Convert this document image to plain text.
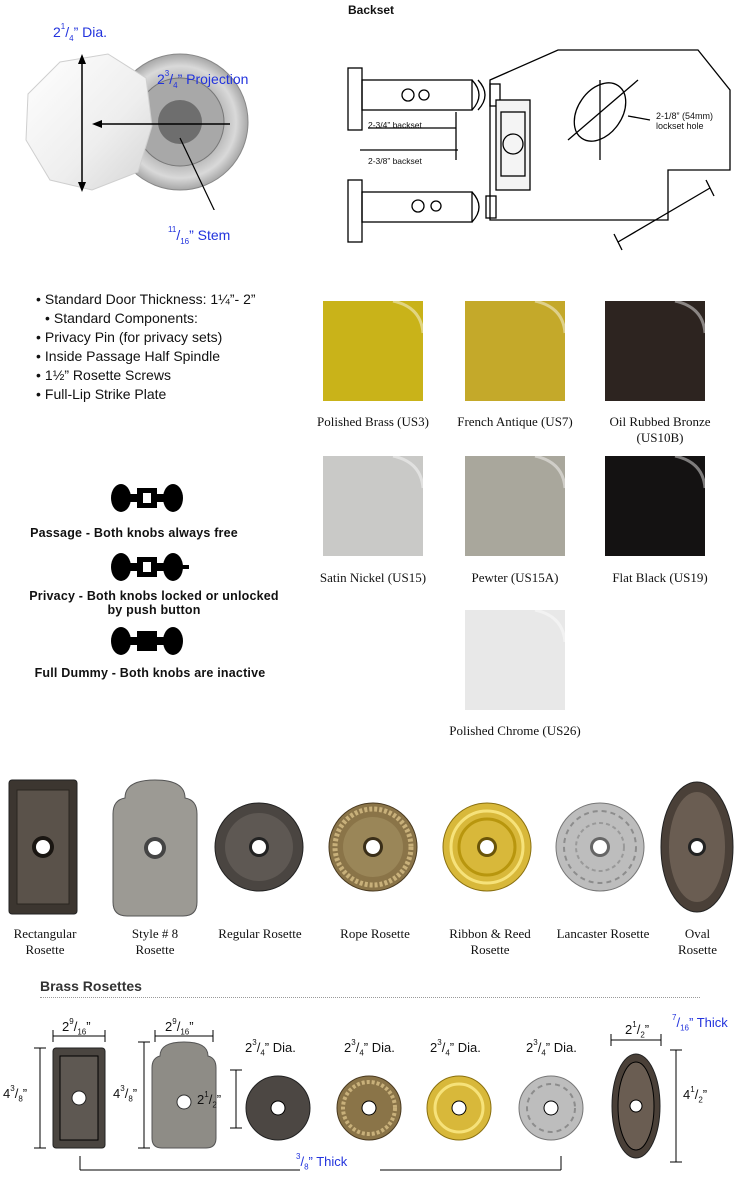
Backset
$2^1/_4$” Dia.
$2^3/_4$” Projection
$^{11}/_{16}$” Stem
2-3/4” backset
2-3/8” backset
2-1/8” (54mm)
lockset hole
• Standard Door Thickness: 1¼”- 2”
• Standard Components:
• Privacy Pin (for privacy sets)
• Inside Passage Half Spindle
• 1½” Rosette Screws
• Full-Lip Strike Plate
Passage - Both knobs always free
Privacy - Both knobs locked or unlocked
by push button
Full Dummy - Both knobs are inactive
Polished Brass (US3)	French Antique (US7)	Oil Rubbed Bronze
(US10B)
Satin Nickel (US15)	Pewter (US15A)	Flat Black (US19)
Polished Chrome (US26)
Rectangular
Rosette
Style # 8
Rosette
Regular Rosette	Rope Rosette	Ribbon & Reed
Rosette
Lancaster Rosette	Oval
Rosette
Brass Rosettes
$2^9/_{16}$”
$4^3/_8$”
$2^9/_{16}$”
$4^3/_8$”	$2^1/_2$”
$2^3/_4$” Dia.	$2^3/_4$” Dia.	$2^3/_4$” Dia.	$2^3/_4$” Dia.
$2^1/_2$”
$4^1/_2$”
$^7/_{16}$” Thick
$^3/_8$” Thick
